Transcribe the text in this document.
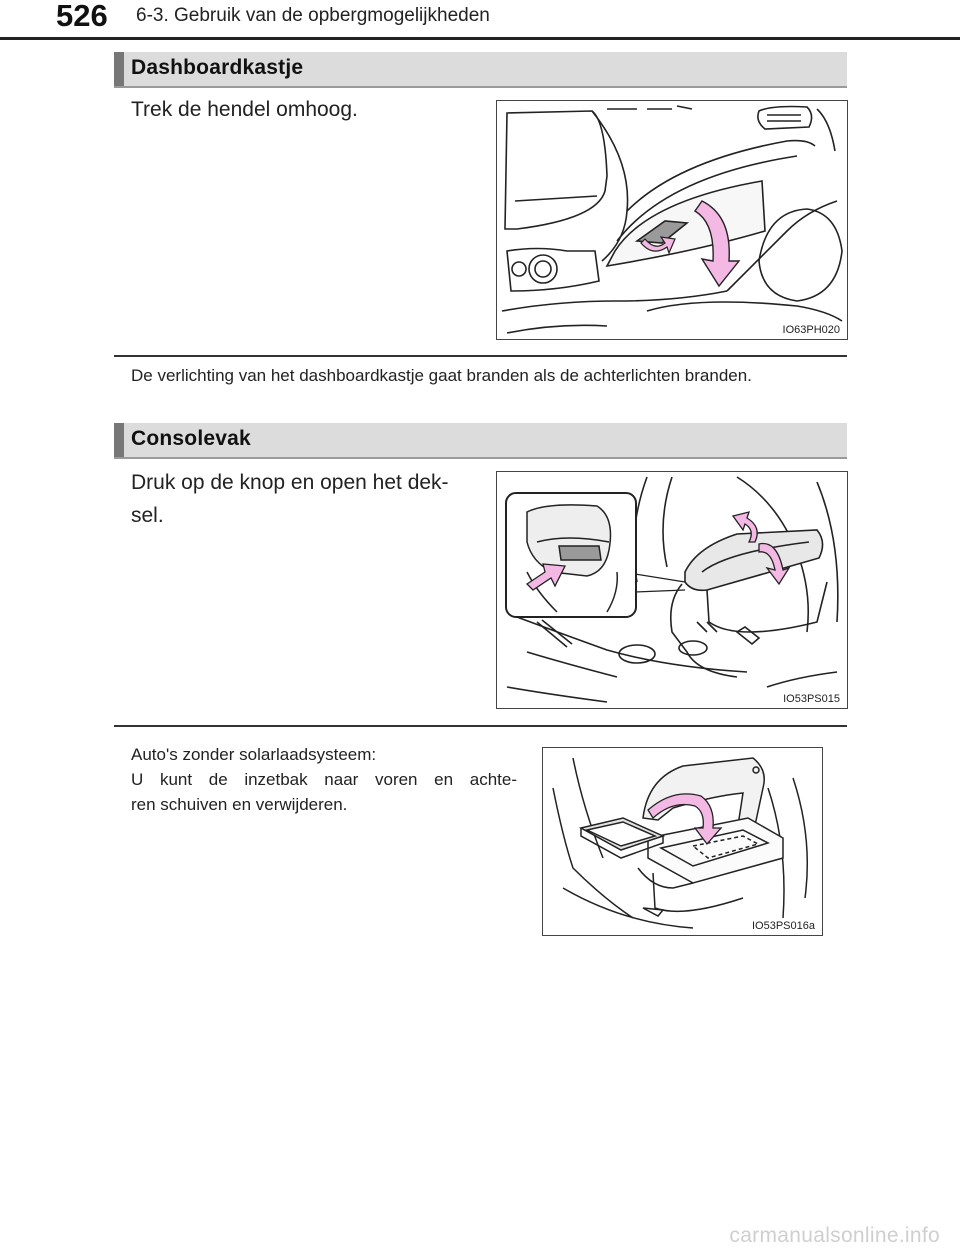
526 6-3. Gebruik van de opbergmogelijkheden
Dashboardkastje
Trek de hendel omhoog.
IO63PH020
De verlichting van het dashboardkastje gaat branden als de achterlichten branden.
Consolevak
Druk op de knop en open het dek-
sel.
IO53PS015
Auto's zonder solarlaadsysteem:
U kunt de inzetbak naar voren en achte-
ren schuiven en verwijderen.
IO53PS016a
carmanualsonline.info
